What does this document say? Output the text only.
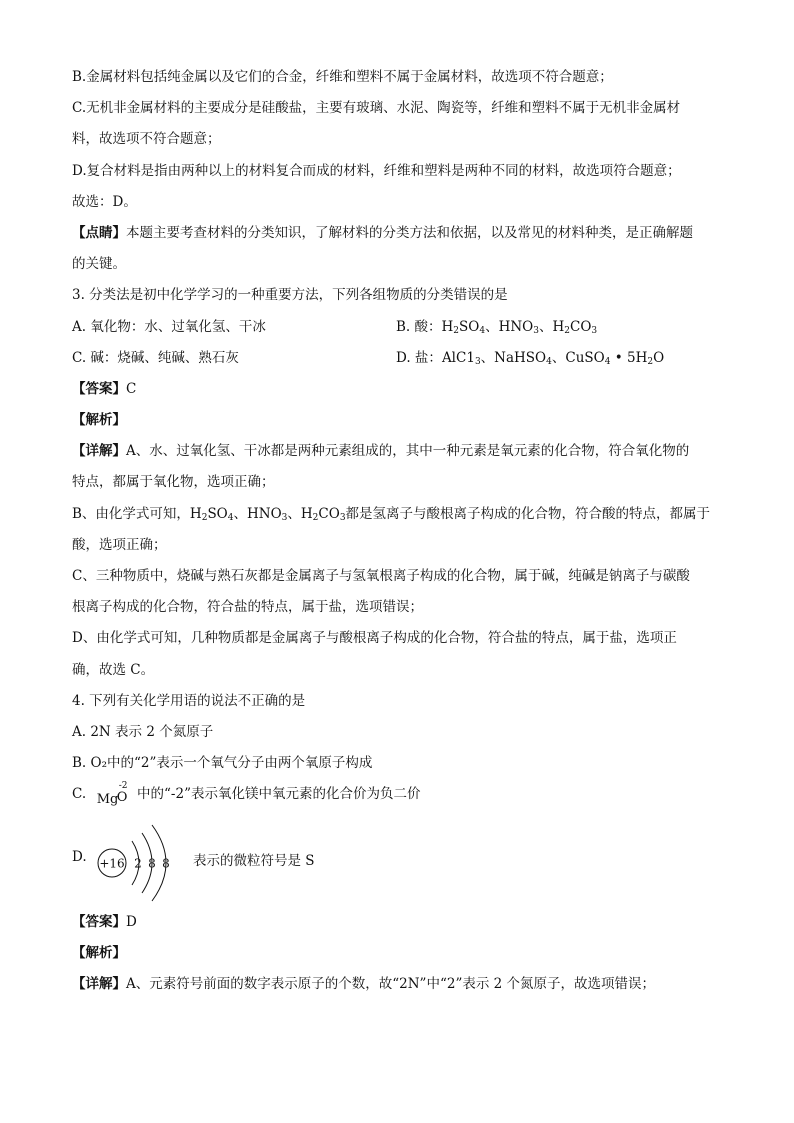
B.金属材料包括纯金属以及它们的合金，纤维和塑料不属于金属材料，故选项不符合题意；
C.无机非金属材料的主要成分是硅酸盐，主要有玻璃、水泥、陶瓷等，纤维和塑料不属于无机非金属材
料，故选项不符合题意；
D.复合材料是指由两种以上的材料复合而成的材料，纤维和塑料是两种不同的材料，故选项符合题意；
故选：D。
【点睛】本题主要考查材料的分类知识，了解材料的分类方法和依据，以及常见的材料种类，是正确解题
的关键。
3. 分类法是初中化学学习的一种重要方法，下列各组物质的分类错误的是
A. 氧化物：水、过氧化氢、干冰	B. 酸：$H_2SO_4$、$HNO_3$、$H_2CO_3$
C. 碱：烧碱、纯碱、熟石灰	D. 盐：$AlC1_3$、NaHSO$_4$、CuSO$_4$ • $5H_2O$
【答案】C
【解析】
【详解】A、水、过氧化氢、干冰都是两种元素组成的，其中一种元素是氧元素的化合物，符合氧化物的
特点，都属于氧化物，选项正确；
B、由化学式可知，$H_2SO_4$、$HNO_3$、$H_2CO_3$都是氢离子与酸根离子构成的化合物，符合酸的特点，都属于
酸，选项正确；
C、三种物质中，烧碱与熟石灰都是金属离子与氢氧根离子构成的化合物，属于碱，纯碱是钠离子与碳酸
根离子构成的化合物，符合盐的特点，属于盐，选项错误；
D、由化学式可知，几种物质都是金属离子与酸根离子构成的化合物，符合盐的特点，属于盐，选项正
确，故选 C。
4. 下列有关化学用语的说法不正确的是
A. 2N 表示 2 个氮原子
B. O₂中的“2”表示一个氧气分子由两个氧原子构成
C. Mg
-2
O 中的“-2”表示氧化镁中氧元素的化合价为负二价
D. +16 2 8 8 表示的微粒符号是 S
【答案】D
【解析】
【详解】A、元素符号前面的数字表示原子的个数，故“2N”中“2”表示 2 个氮原子，故选项错误；
